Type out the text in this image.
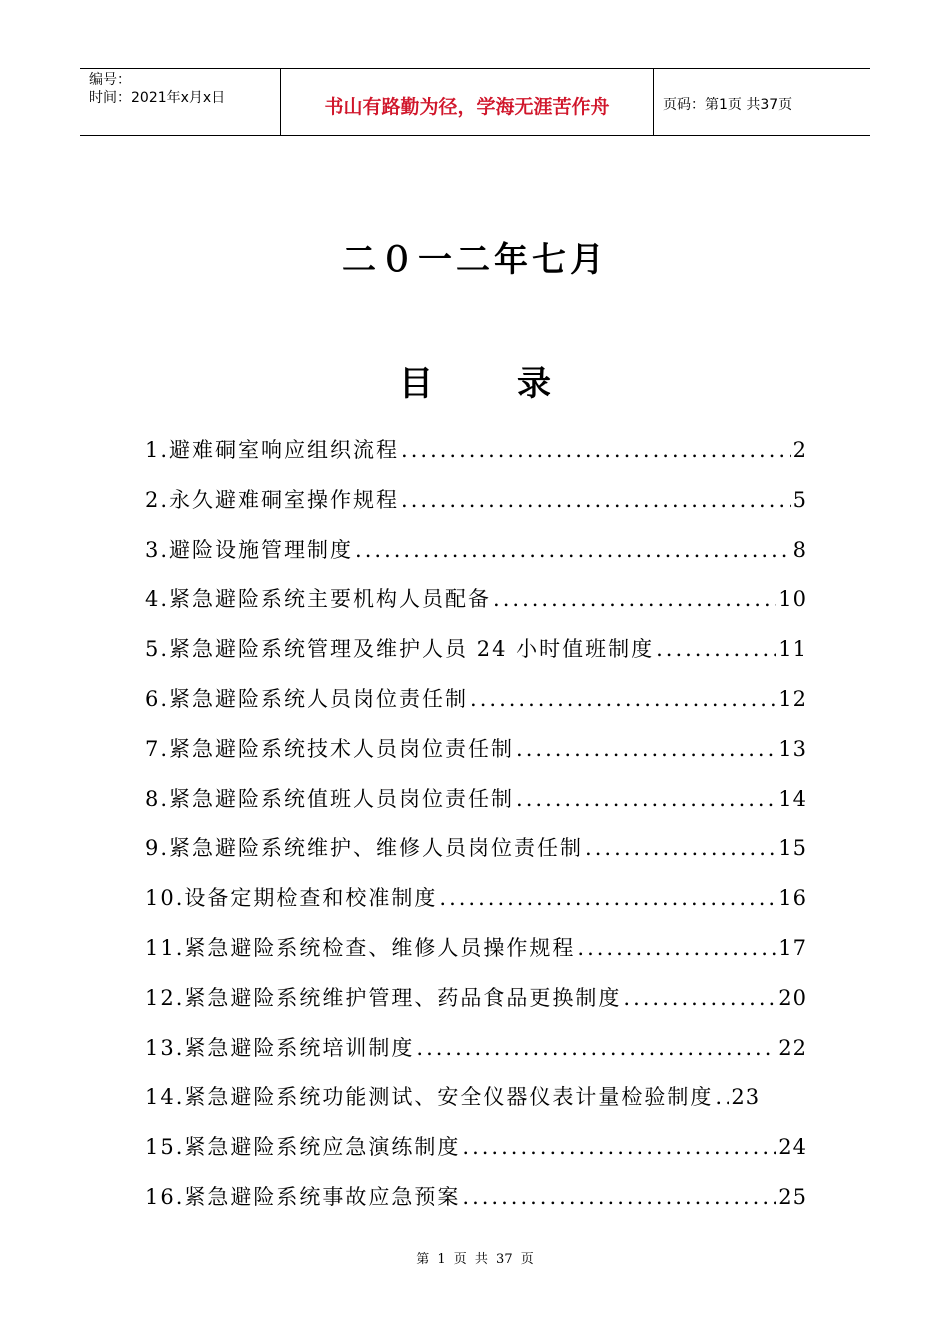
编号：
时间：2021年x月x日	书山有路勤为径，学海无涯苦作舟	页码：第1页 共37页
二０一二年七月
目 录
1.避难硐室响应组织流程 .....	2
2.永久避难硐室操作规程 .....	5
3.避险设施管理制度 .....	8
4.紧急避险系统主要机构人员配备 .....	10
5.紧急避险系统管理及维护人员 24 小时值班制度 .....	11
6.紧急避险系统人员岗位责任制 .....	12
7.紧急避险系统技术人员岗位责任制 .....	13
8.紧急避险系统值班人员岗位责任制 .....	14
9.紧急避险系统维护、维修人员岗位责任制 .....	15
10.设备定期检查和校准制度 .....	16
11.紧急避险系统检查、维修人员操作规程 .....	17
12.紧急避险系统维护管理、药品食品更换制度 .....	20
13.紧急避险系统培训制度 .....	22
14.紧急避险系统功能测试、安全仪器仪表计量检验制度 ..... 23
15.紧急避险系统应急演练制度 .....	24
16.紧急避险系统事故应急预案 .....	25
第 1 页 共 37 页
